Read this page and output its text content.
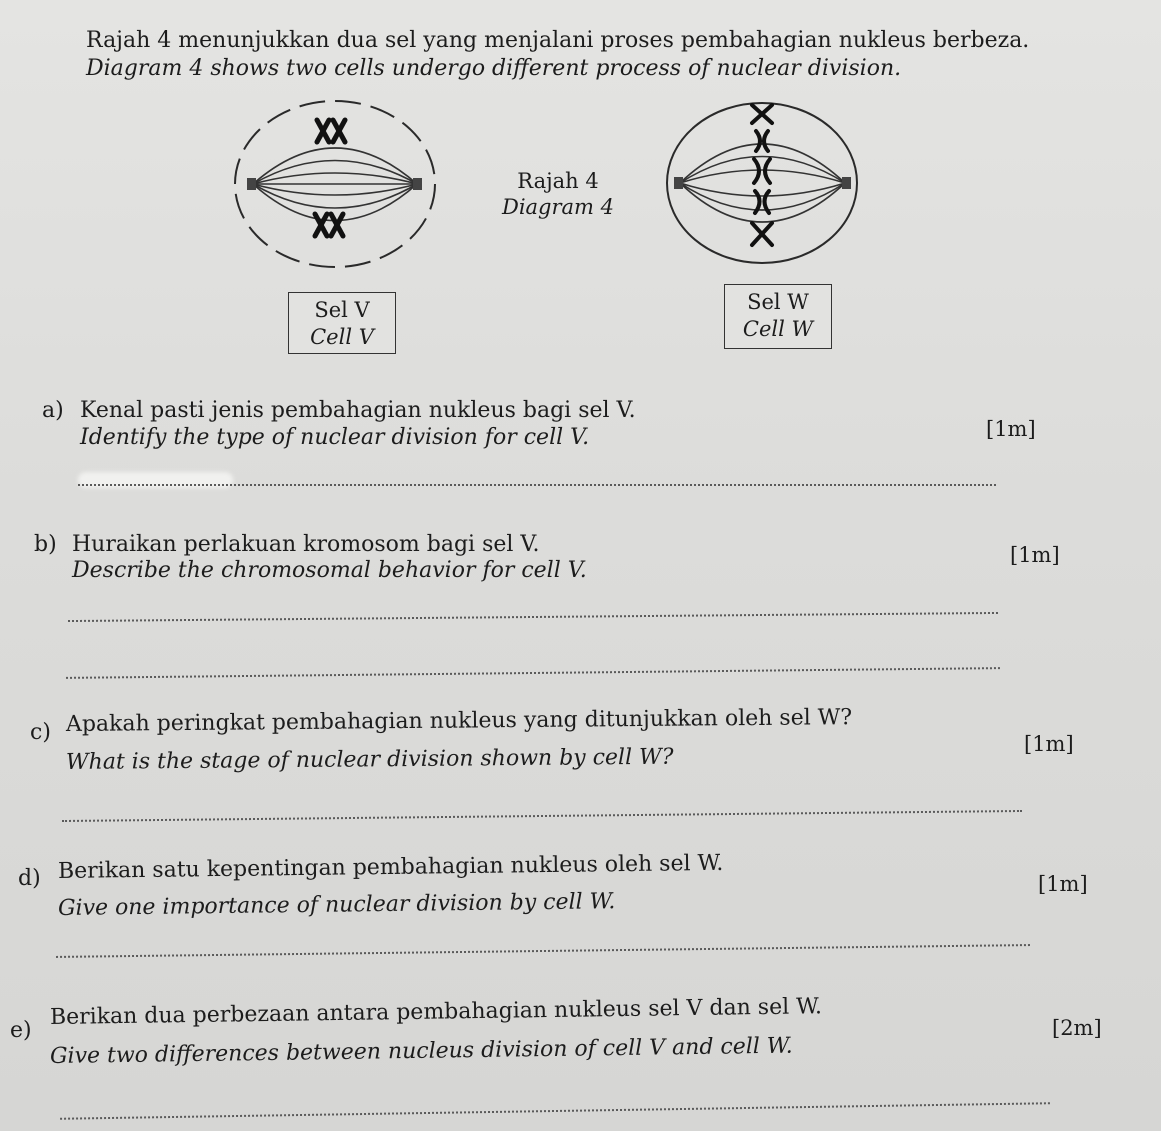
Rajah 4 menunjukkan dua sel yang menjalani proses pembahagian nukleus berbeza.
Diagram 4 shows two cells undergo different process of nuclear division.
Rajah 4
Diagram 4
Sel V
Cell V
Sel W
Cell W
a) Kenal pasti jenis pembahagian nukleus bagi sel V.
Identify the type of nuclear division for cell V.	[1m]
b) Huraikan perlakuan kromosom bagi sel V.
Describe the chromosomal behavior for cell V.
[1m]
c) Apakah peringkat pembahagian nukleus yang ditunjukkan oleh sel W?
What is the stage of nuclear division shown by cell W?
[1m]
d) Berikan satu kepentingan pembahagian nukleus oleh sel W.
Give one importance of nuclear division by cell W.
[1m]
e)
Berikan dua perbezaan antara pembahagian nukleus sel V dan sel W.
Give two differences between nucleus division of cell V and cell W.
[2m]
